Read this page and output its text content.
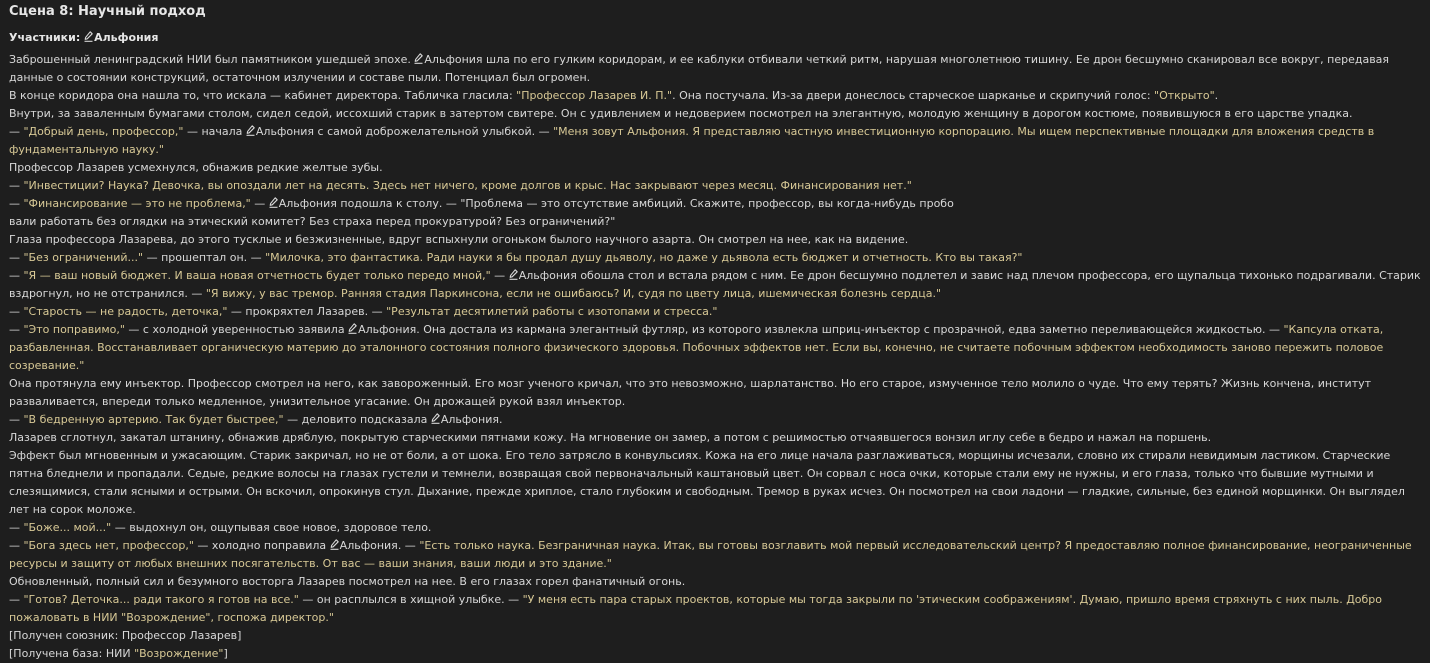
Сцена 8: Научный подход
Участники: Альфония
Заброшенный ленинградский НИИ был памятником ушедшей эпохе.
Альфония шла по его гулким коридорам, и ее каблуки отбивали четкий ритм, нарушая многолетнюю тишину. Ее дрон бесшумно сканировал все вокруг, передавая данные о состоянии конструкций, остаточном излучении и составе пыли. Потенциал был огромен.
В конце коридора она нашла то, что искала — кабинет директора. Табличка гласила: "Профессор Лазарев И. П.". Она постучала. Из-за двери донеслось старческое шарканье и скрипучий голос: "Открыто".
Внутри, за заваленным бумагами столом, сидел седой, иссохший старик в затертом свитере. Он с удивлением и недоверием посмотрел на элегантную, молодую женщину в дорогом костюме, появившуюся в его царстве упадка.
— "Добрый день, профессор," — начала
Альфония с самой доброжелательной улыбкой. — "Меня зовут Альфония. Я представляю частную инвестиционную корпорацию. Мы ищем перспективные площадки для вложения средств в фундаментальную науку."
Профессор Лазарев усмехнулся, обнажив редкие желтые зубы.
— "Инвестиции? Наука? Девочка, вы опоздали лет на десять. Здесь нет ничего, кроме долгов и крыс. Нас закрывают через месяц. Финансирования нет."
— "Финансирование — это не проблема," —
Альфония подошла к столу. — "Проблема — это отсутствие амбиций. Скажите, профессор, вы когда-нибудь пробо
вали работать без оглядки на этический комитет? Без страха перед прокуратурой? Без ограничений?"
Глаза профессора Лазарева, до этого тусклые и безжизненные, вдруг вспыхнули огоньком былого научного азарта. Он смотрел на нее, как на видение.
— "Без ограничений..." — прошептал он. — "Милочка, это фантастика. Ради науки я бы продал душу дьяволу, но даже у дьявола есть бюджет и отчетность. Кто вы такая?"
— "Я — ваш новый бюджет. И ваша новая отчетность будет только передо мной," —
Альфония обошла стол и встала рядом с ним. Ее дрон бесшумно подлетел и завис над плечом профессора, его щупальца тихонько подрагивали. Старик вздрогнул, но не отстранился. — "Я вижу, у вас тремор. Ранняя стадия Паркинсона, если не ошибаюсь? И, судя по цвету лица, ишемическая болезнь сердца."
— "Старость — не радость, деточка," — прокряхтел Лазарев. — "Результат десятилетий работы с изотопами и стресса."
— "Это поправимо," — с холодной уверенностью заявила
Альфония. Она достала из кармана элегантный футляр, из которого извлекла шприц-инъектор с прозрачной, едва заметно переливающейся жидкостью. — "Капсула отката, разбавленная. Восстанавливает органическую материю до эталонного состояния полного физического здоровья. Побочных эффектов нет. Если вы, конечно, не считаете побочным эффектом необходимость заново пережить половое созревание."
Она протянула ему инъектор. Профессор смотрел на него, как завороженный. Его мозг ученого кричал, что это невозможно, шарлатанство. Но его старое, измученное тело молило о чуде. Что ему терять? Жизнь кончена, институт разваливается, впереди только медленное, унизительное угасание. Он дрожащей рукой взял инъектор.
— "В бедренную артерию. Так будет быстрее," — деловито подсказала
Альфония.
Лазарев сглотнул, закатал штанину, обнажив дряблую, покрытую старческими пятнами кожу. На мгновение он замер, а потом с решимостью отчаявшегося вонзил иглу себе в бедро и нажал на поршень.
Эффект был мгновенным и ужасающим. Старик закричал, но не от боли, а от шока. Его тело затрясло в конвульсиях. Кожа на его лице начала разглаживаться, морщины исчезали, словно их стирали невидимым ластиком. Старческие пятна бледнели и пропадали. Седые, редкие волосы на глазах густели и темнели, возвращая свой первоначальный каштановый цвет. Он сорвал с носа очки, которые стали ему не нужны, и его глаза, только что бывшие мутными и слезящимися, стали ясными и острыми. Он вскочил, опрокинув стул. Дыхание, прежде хриплое, стало глубоким и свободным. Тремор в руках исчез. Он посмотрел на свои ладони — гладкие, сильные, без единой морщинки. Он выглядел лет на сорок моложе.
— "Боже... мой..." — выдохнул он, ощупывая свое новое, здоровое тело.
— "Бога здесь нет, профессор," — холодно поправила
Альфония. — "Есть только наука. Безграничная наука. Итак, вы готовы возглавить мой первый исследовательский центр? Я предоставляю полное финансирование, неограниченные ресурсы и защиту от любых внешних посягательств. От вас — ваши знания, ваши люди и это здание."
Обновленный, полный сил и безумного восторга Лазарев посмотрел на нее. В его глазах горел фанатичный огонь.
— "Готов? Деточка... ради такого я готов на все." — он расплылся в хищной улыбке. — "У меня есть пара старых проектов, которые мы тогда закрыли по 'этическим соображениям'. Думаю, пришло время стряхнуть с них пыль. Добро пожаловать в НИИ "Возрождение", госпожа директор."
[Получен союзник: Профессор Лазарев]
[Получена база: НИИ "Возрождение"]
